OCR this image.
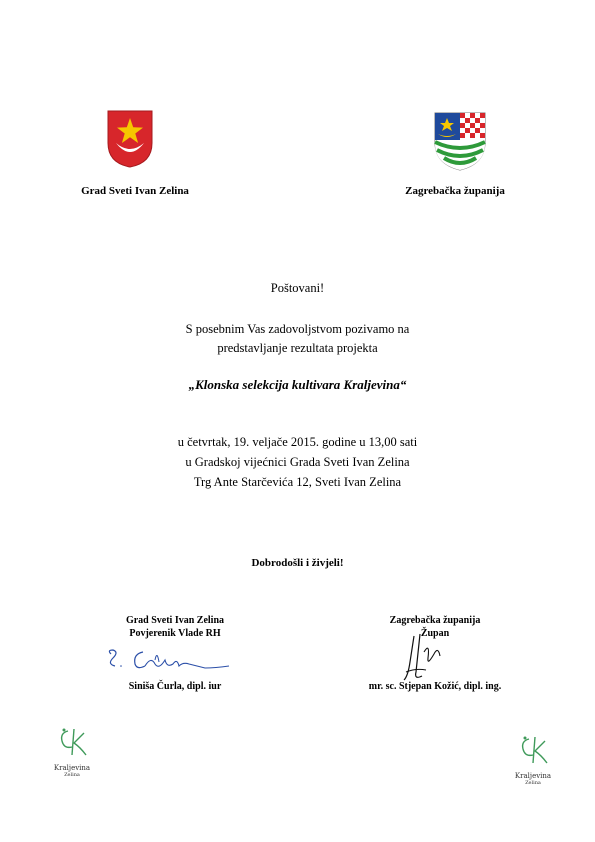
Grad Sveti Ivan Zelina	Zagrebačka županija
Poštovani!
S posebnim Vas zadovoljstvom pozivamo na
predstavljanje rezultata projekta
„Klonska selekcija kultivara Kraljevina“
u četvrtak, 19. veljače 2015. godine u 13,00 sati
u Gradskoj vijećnici Grada Sveti Ivan Zelina
Trg Ante Starčevića 12, Sveti Ivan Zelina
Dobrodošli i živjeli!
Grad Sveti Ivan Zelina
Povjerenik Vlade RH
Siniša Čurla, dipl. iur
Zagrebačka županija
Župan
mr. sc. Stjepan Kožić, dipl. ing.
Kraljevina
Zelina	Kraljevina
Zelina
